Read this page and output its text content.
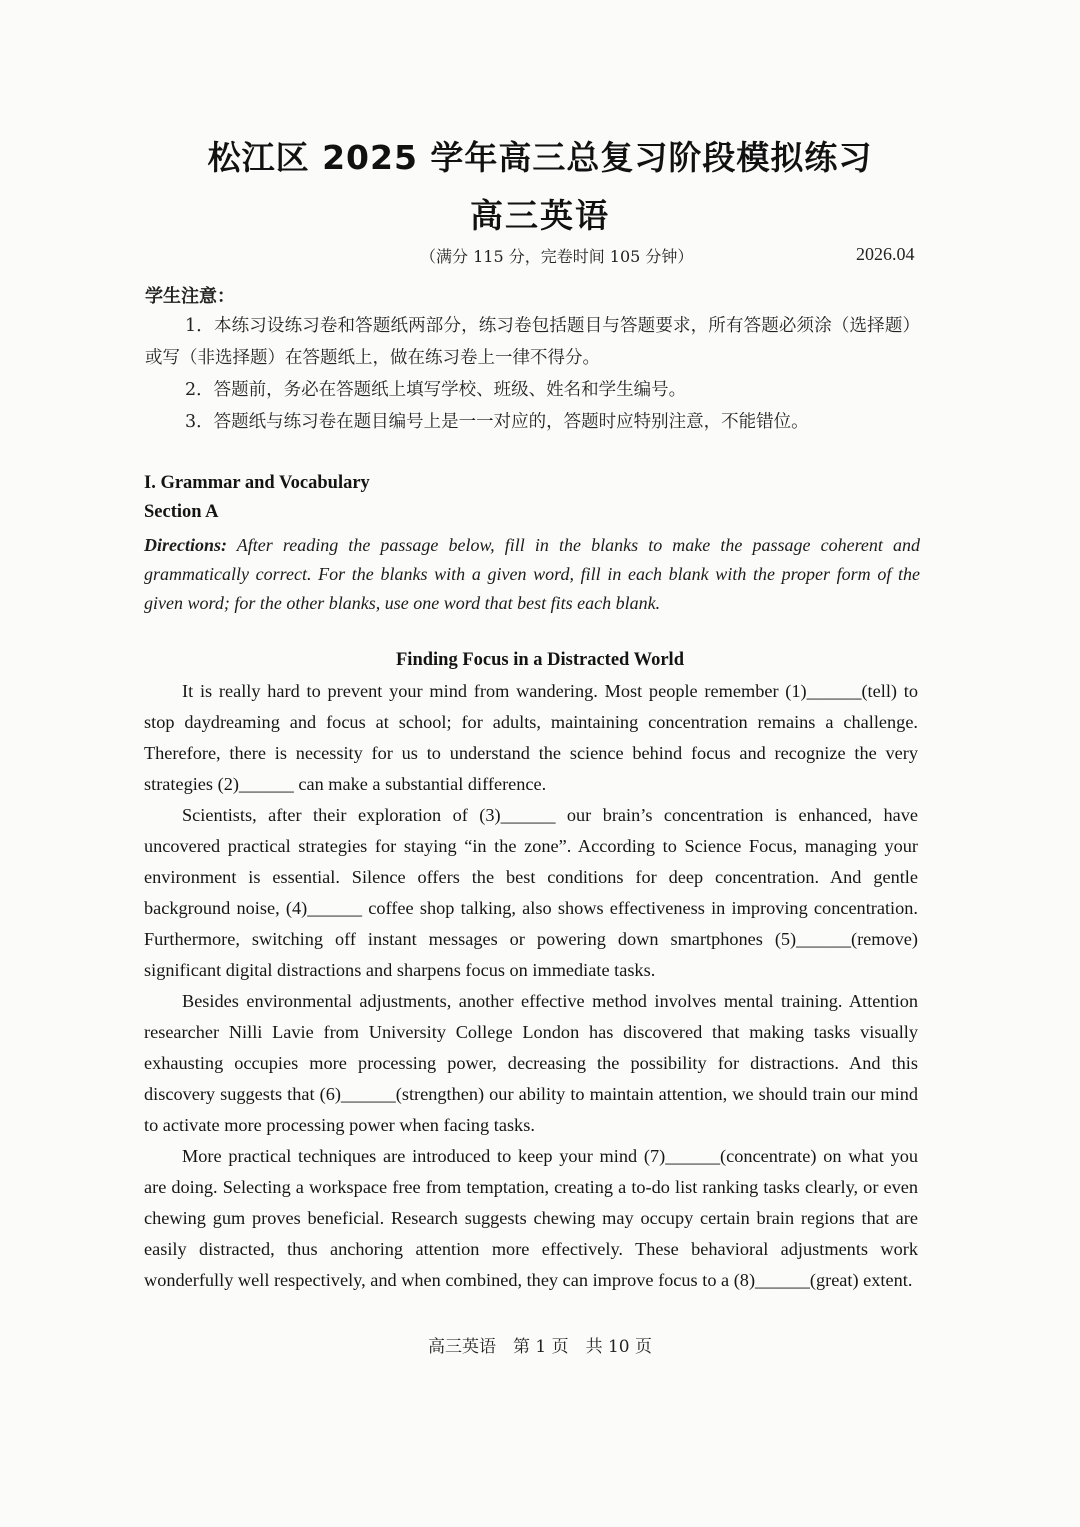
松江区 2025 学年高三总复习阶段模拟练习
高三英语
（满分 115 分，完卷时间 105 分钟）	2026.04
学生注意：
1．本练习设练习卷和答题纸两部分，练习卷包括题目与答题要求，所有答题必须涂（选择题）或写（非选择题）在答题纸上，做在练习卷上一律不得分。
2．答题前，务必在答题纸上填写学校、班级、姓名和学生编号。
3．答题纸与练习卷在题目编号上是一一对应的，答题时应特别注意，不能错位。
I. Grammar and Vocabulary
Section A
Directions: After reading the passage below, fill in the blanks to make the passage coherent and grammatically correct. For the blanks with a given word, fill in each blank with the proper form of the given word; for the other blanks, use one word that best fits each blank.
Finding Focus in a Distracted World

It is really hard to prevent your mind from wandering. Most people remember (1)______(tell) to stop daydreaming and focus at school; for adults, maintaining concentration remains a challenge. Therefore, there is necessity for us to understand the science behind focus and recognize the very strategies (2)______ can make a substantial difference.

Scientists, after their exploration of (3)______ our brain’s concentration is enhanced, have uncovered practical strategies for staying “in the zone”. According to Science Focus, managing your environment is essential. Silence offers the best conditions for deep concentration. And gentle background noise, (4)______ coffee shop talking, also shows effectiveness in improving concentration. Furthermore, switching off instant messages or powering down smartphones (5)______(remove) significant digital distractions and sharpens focus on immediate tasks.

Besides environmental adjustments, another effective method involves mental training. Attention researcher Nilli Lavie from University College London has discovered that making tasks visually exhausting occupies more processing power, decreasing the possibility for distractions. And this discovery suggests that (6)______(strengthen) our ability to maintain attention, we should train our mind to activate more processing power when facing tasks.

More practical techniques are introduced to keep your mind (7)______(concentrate) on what you are doing. Selecting a workspace free from temptation, creating a to-do list ranking tasks clearly, or even chewing gum proves beneficial. Research suggests chewing may occupy certain brain regions that are easily distracted, thus anchoring attention more effectively. These behavioral adjustments work wonderfully well respectively, and when combined, they can improve focus to a (8)______(great) extent.

高三英语　第 1 页　共 10 页
